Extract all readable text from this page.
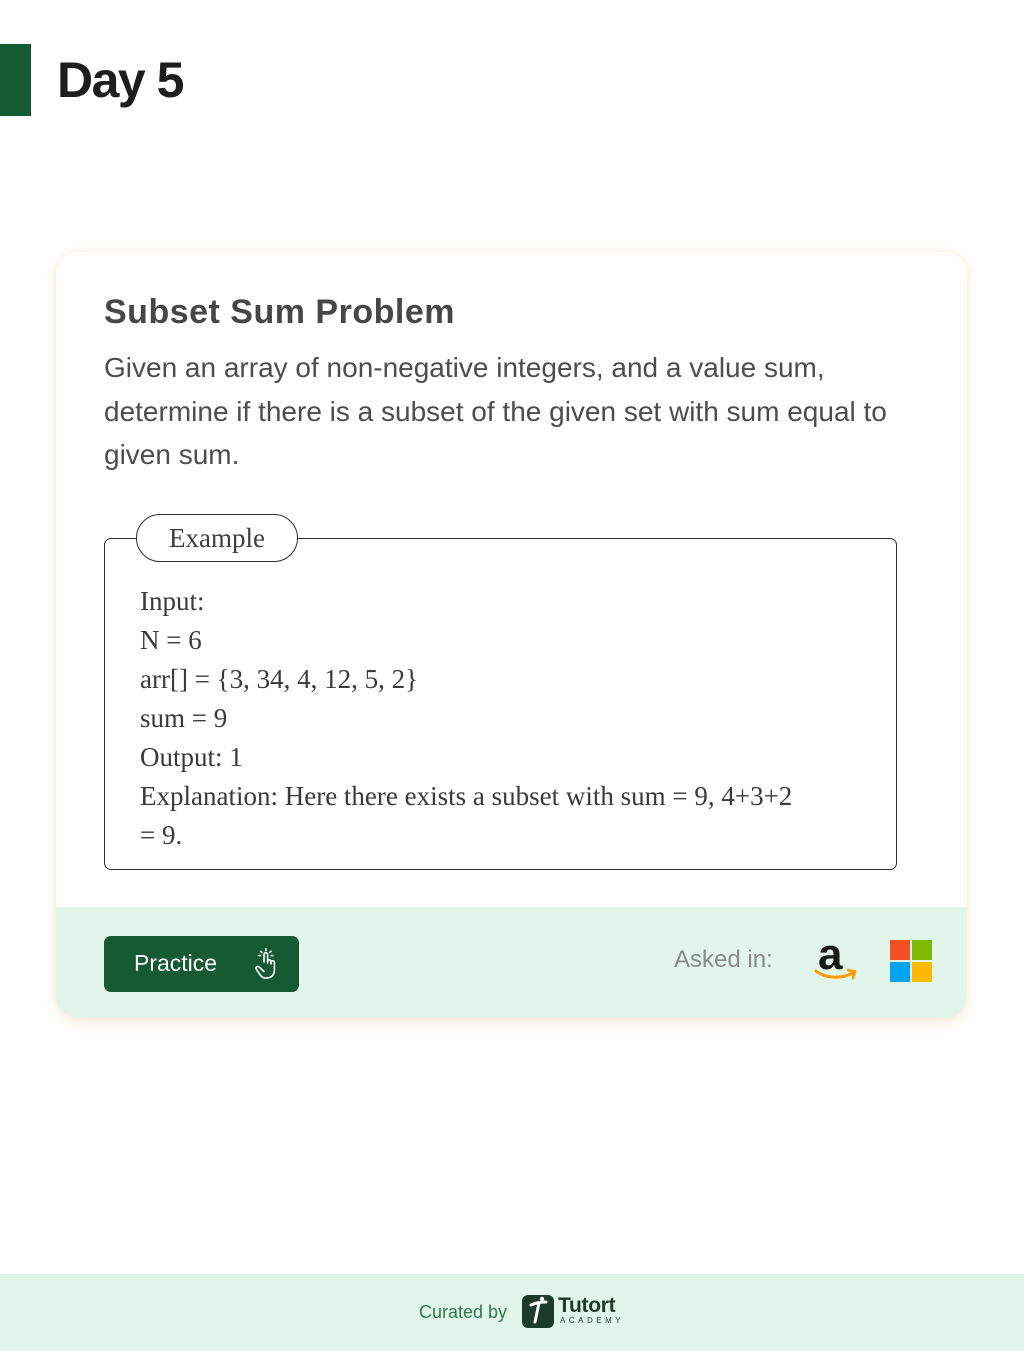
Day 5
Subset Sum Problem
Given an array of non-negative integers, and a value sum, determine if there is a subset of the given set with sum equal to given sum.
Example
Input:
N = 6
arr[] = {3, 34, 4, 12, 5, 2}
sum = 9
Output: 1
Explanation: Here there exists a subset with sum = 9, 4+3+2
= 9.
Practice	Asked in: a
Curated by Tutort
ACADEMY
